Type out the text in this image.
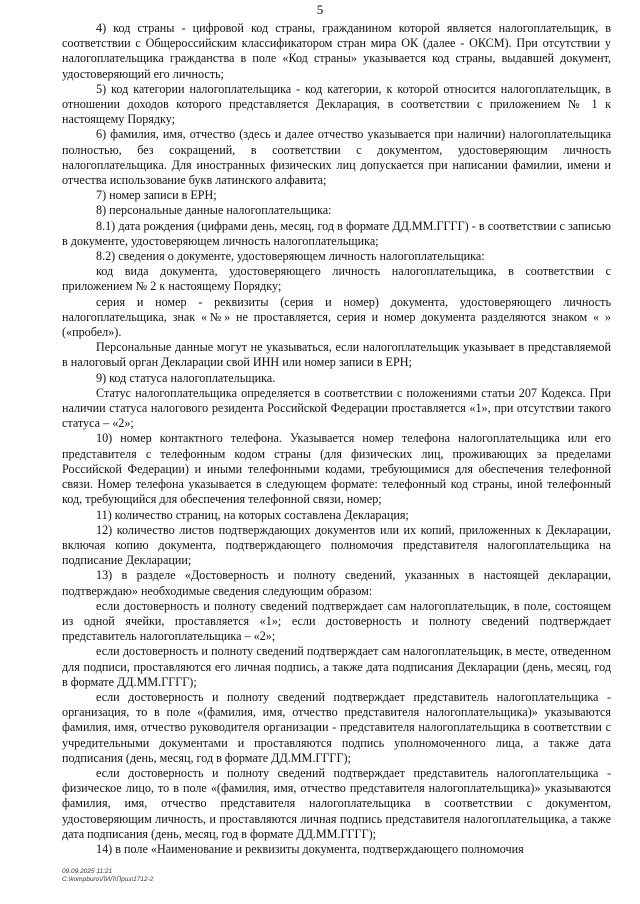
5

4) код страны - цифровой код страны, гражданином которой является налогоплательщик, в соответствии с Общероссийским классификатором стран мира ОК (далее - ОКСМ). При отсутствии у налогоплательщика гражданства в поле «Код страны» указывается код страны, выдавшей документ, удостоверяющий его личность;

5) код категории налогоплательщика - код категории, к которой относится налогоплательщик, в отношении доходов которого представляется Декларация, в соответствии с приложением № 1 к настоящему Порядку;

6) фамилия, имя, отчество (здесь и далее отчество указывается при наличии) налогоплательщика полностью, без сокращений, в соответствии с документом, удостоверяющим личность налогоплательщика. Для иностранных физических лиц допускается при написании фамилии, имени и отчества использование букв латинского алфавита;

7) номер записи в ЕРН;

8) персональные данные налогоплательщика:

8.1) дата рождения (цифрами день, месяц, год в формате ДД.ММ.ГГГГ) - в соответствии с записью в документе, удостоверяющем личность налогоплательщика;

8.2) сведения о документе, удостоверяющем личность налогоплательщика:

код вида документа, удостоверяющего личность налогоплательщика, в соответствии с приложением № 2 к настоящему Порядку;

серия и номер - реквизиты (серия и номер) документа, удостоверяющего личность налогоплательщика, знак «№» не проставляется, серия и номер документа разделяются знаком « » («пробел»).

Персональные данные могут не указываться, если налогоплательщик указывает в представляемой в налоговый орган Декларации свой ИНН или номер записи в ЕРН;

9) код статуса налогоплательщика.

Статус налогоплательщика определяется в соответствии с положениями статьи 207 Кодекса. При наличии статуса налогового резидента Российской Федерации проставляется «1», при отсутствии такого статуса – «2»;

10) номер контактного телефона. Указывается номер телефона налогоплательщика или его представителя с телефонным кодом страны (для физических лиц, проживающих за пределами Российской Федерации) и иными телефонными кодами, требующимися для обеспечения телефонной связи. Номер телефона указывается в следующем формате: телефонный код страны, иной телефонный код, требующийся для обеспечения телефонной связи, номер;

11) количество страниц, на которых составлена Декларация;

12) количество листов подтверждающих документов или их копий, приложенных к Декларации, включая копию документа, подтверждающего полномочия представителя налогоплательщика на подписание Декларации;

13) в разделе «Достоверность и полноту сведений, указанных в настоящей декларации, подтверждаю» необходимые сведения следующим образом:

если достоверность и полноту сведений подтверждает сам налогоплательщик, в поле, состоящем из одной ячейки, проставляется «1»; если достоверность и полноту сведений подтверждает представитель налогоплательщика – «2»;

если достоверность и полноту сведений подтверждает сам налогоплательщик, в месте, отведенном для подписи, проставляются его личная подпись, а также дата подписания Декларации (день, месяц, год в формате ДД.ММ.ГГГГ);

если достоверность и полноту сведений подтверждает представитель налогоплательщика - организация, то в поле «(фамилия, имя, отчество представителя налогоплательщика)» указываются фамилия, имя, отчество руководителя организации - представителя налогоплательщика в соответствии с учредительными документами и проставляются подпись уполномоченного лица, а также дата подписания (день, месяц, год в формате ДД.ММ.ГГГГ);

если достоверность и полноту сведений подтверждает представитель налогоплательщика - физическое лицо, то в поле «(фамилия, имя, отчество представителя налогоплательщика)» указываются фамилия, имя, отчество представителя налогоплательщика в соответствии с документом, удостоверяющим личность, и проставляются личная подпись представителя налогоплательщика, а также дата подписания (день, месяц, год в формате ДД.ММ.ГГГГ);

14) в поле «Наименование и реквизиты документа, подтверждающего полномочия

09.09.2025 11:21
C:\kompburo\ЛИЛ\Приз\1712-2
